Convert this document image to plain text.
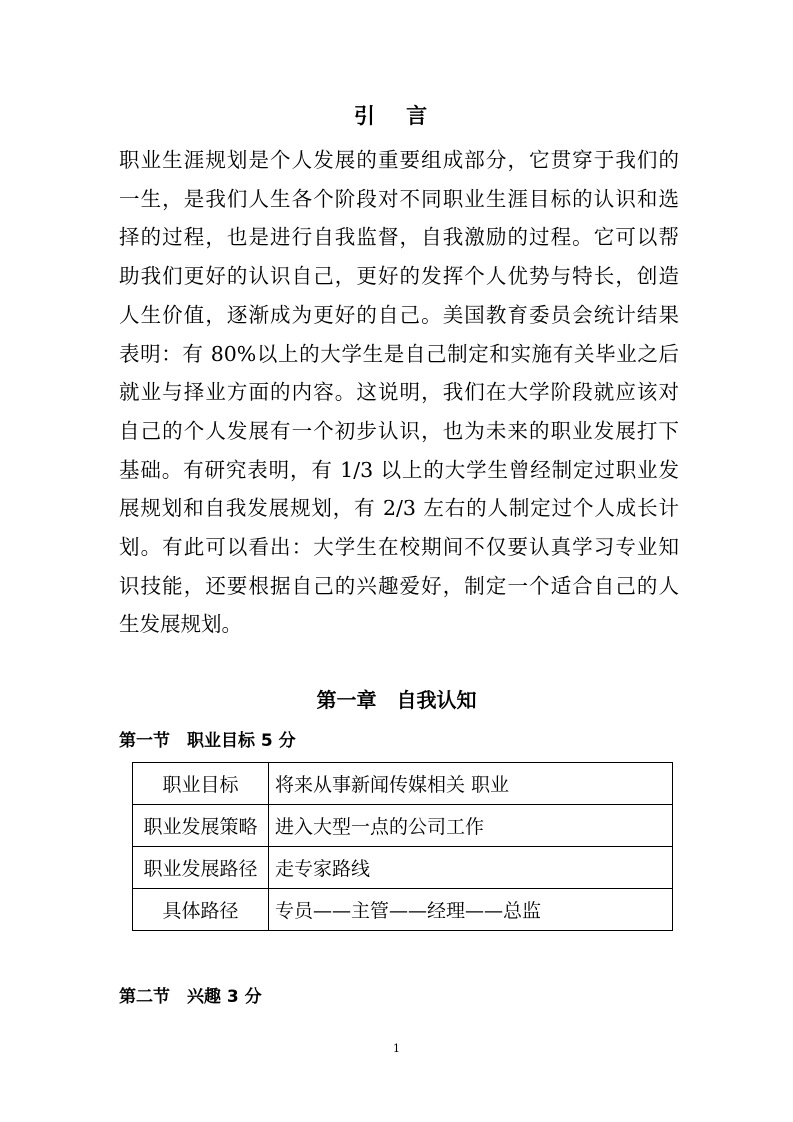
引 言
职业生涯规划是个人发展的重要组成部分，它贯穿于我们的
一生，是我们人生各个阶段对不同职业生涯目标的认识和选
择的过程，也是进行自我监督，自我激励的过程。它可以帮
助我们更好的认识自己，更好的发挥个人优势与特长，创造
人生价值，逐渐成为更好的自己。美国教育委员会统计结果
表明：有 80%以上的大学生是自己制定和实施有关毕业之后
就业与择业方面的内容。这说明，我们在大学阶段就应该对
自己的个人发展有一个初步认识，也为未来的职业发展打下
基础。有研究表明，有 1/3 以上的大学生曾经制定过职业发
展规划和自我发展规划，有 2/3 左右的人制定过个人成长计
划。有此可以看出：大学生在校期间不仅要认真学习专业知
识技能，还要根据自己的兴趣爱好，制定一个适合自己的人
生发展规划。
第一章　自我认知
第一节　职业目标 5 分
职业目标	将来从事新闻传媒相关 职业
职业发展策略	进入大型一点的公司工作
职业发展路径	走专家路线
具体路径	专员——主管——经理——总监
第二节　兴趣 3 分
1
